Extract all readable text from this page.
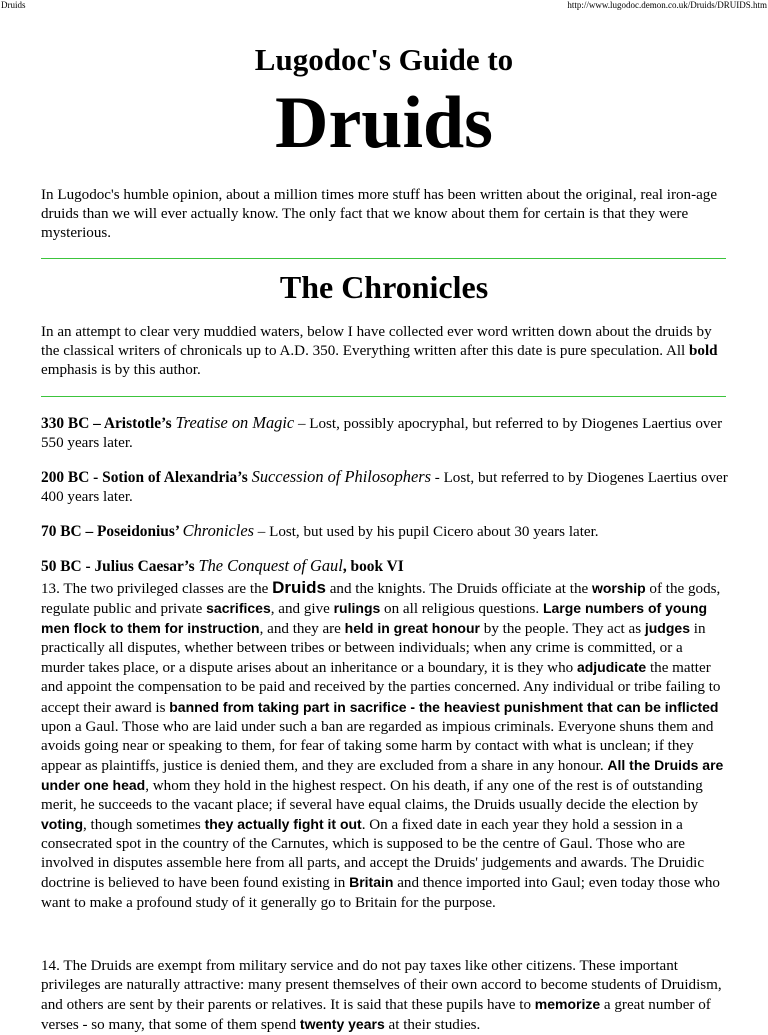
Druids	http://www.lugodoc.demon.co.uk/Druids/DRUIDS.htm
Lugodoc's Guide to
Druids
In Lugodoc's humble opinion, about a million times more stuff has been written about the original, real iron-age druids than we will ever actually know. The only fact that we know about them for certain is that they were mysterious.
The Chronicles
In an attempt to clear very muddied waters, below I have collected ever word written down about the druids by the classical writers of chronicals up to A.D. 350. Everything written after this date is pure speculation. All bold emphasis is by this author.
330 BC – Aristotle’s Treatise on Magic – Lost, possibly apocryphal, but referred to by Diogenes Laertius over 550 years later.
200 BC - Sotion of Alexandria’s Succession of Philosophers - Lost, but referred to by Diogenes Laertius over 400 years later.
70 BC – Poseidonius’ Chronicles – Lost, but used by his pupil Cicero about 30 years later.
50 BC - Julius Caesar’s The Conquest of Gaul, book VI
13. The two privileged classes are the Druids and the knights. The Druids officiate at the worship of the gods, regulate public and private sacrifices, and give rulings on all religious questions. Large numbers of young men flock to them for instruction, and they are held in great honour by the people. They act as judges in practically all disputes, whether between tribes or between individuals; when any crime is committed, or a murder takes place, or a dispute arises about an inheritance or a boundary, it is they who adjudicate the matter and appoint the compensation to be paid and received by the parties concerned. Any individual or tribe failing to accept their award is banned from taking part in sacrifice - the heaviest punishment that can be inflicted upon a Gaul. Those who are laid under such a ban are regarded as impious criminals. Everyone shuns them and avoids going near or speaking to them, for fear of taking some harm by contact with what is unclean; if they appear as plaintiffs, justice is denied them, and they are excluded from a share in any honour. All the Druids are under one head, whom they hold in the highest respect. On his death, if any one of the rest is of outstanding merit, he succeeds to the vacant place; if several have equal claims, the Druids usually decide the election by voting, though sometimes they actually fight it out. On a fixed date in each year they hold a session in a consecrated spot in the country of the Carnutes, which is supposed to be the centre of Gaul. Those who are involved in disputes assemble here from all parts, and accept the Druids' judgements and awards. The Druidic doctrine is believed to have been found existing in Britain and thence imported into Gaul; even today those who want to make a profound study of it generally go to Britain for the purpose.
14. The Druids are exempt from military service and do not pay taxes like other citizens. These important privileges are naturally attractive: many present themselves of their own accord to become students of Druidism, and others are sent by their parents or relatives. It is said that these pupils have to memorize a great number of verses - so many, that some of them spend twenty years at their studies.
